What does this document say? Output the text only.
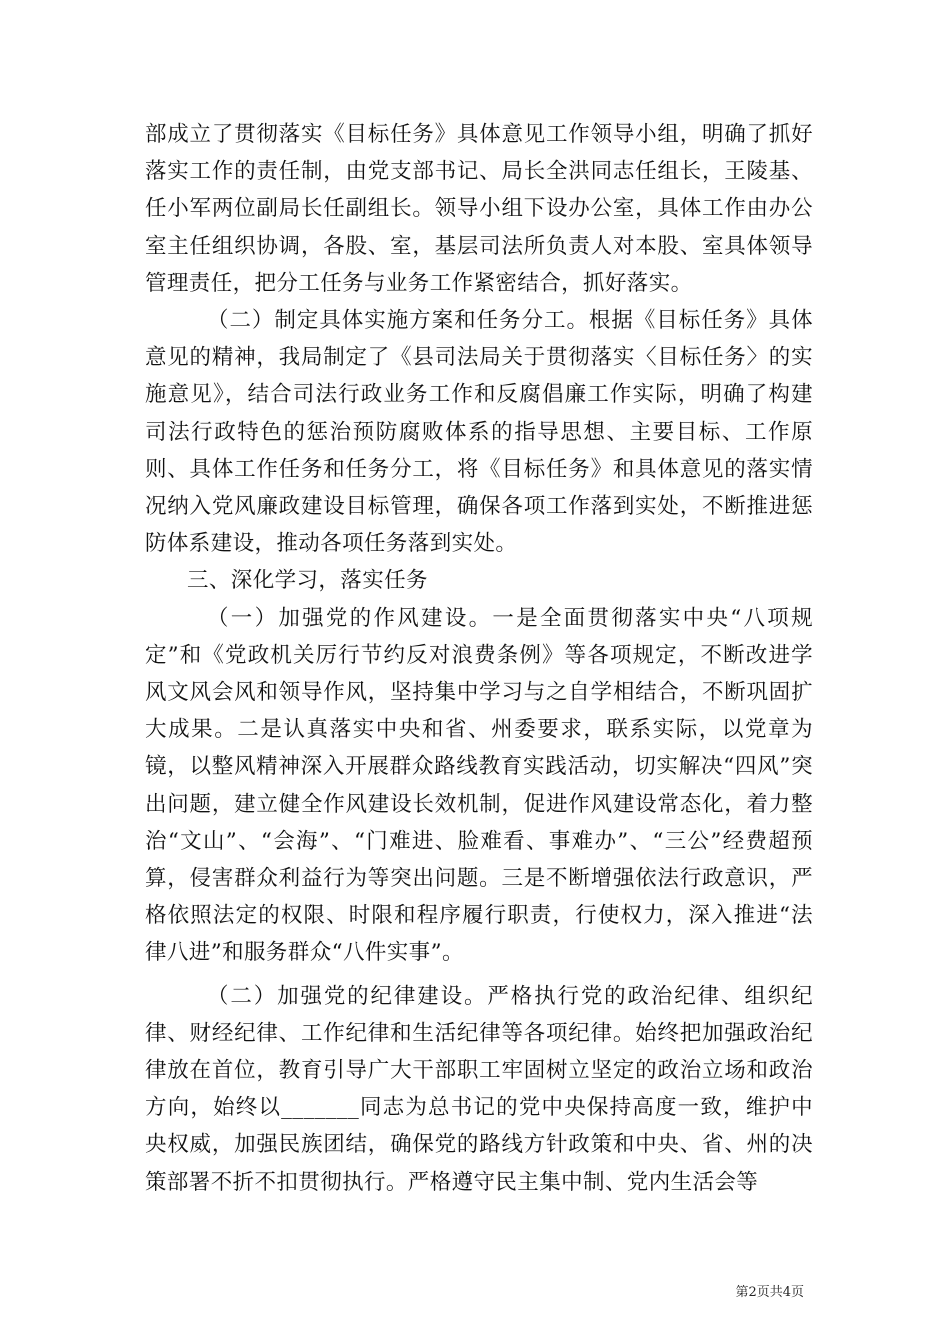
部成立了贯彻落实《目标任务》具体意见工作领导小组，明确了抓好落实工作的责任制，由党支部书记、局长全洪同志任组长，王陵基、任小军两位副局长任副组长。领导小组下设办公室，具体工作由办公室主任组织协调，各股、室，基层司法所负责人对本股、室具体领导管理责任，把分工任务与业务工作紧密结合，抓好落实。

（二）制定具体实施方案和任务分工。根据《目标任务》具体意见的精神，我局制定了《县司法局关于贯彻落实〈目标任务〉的实施意见》，结合司法行政业务工作和反腐倡廉工作实际，明确了构建司法行政特色的惩治预防腐败体系的指导思想、主要目标、工作原则、具体工作任务和任务分工，将《目标任务》和具体意见的落实情况纳入党风廉政建设目标管理，确保各项工作落到实处，不断推进惩防体系建设，推动各项任务落到实处。

三、深化学习，落实任务

（一）加强党的作风建设。一是全面贯彻落实中央“八项规定”和《党政机关厉行节约反对浪费条例》等各项规定，不断改进学风文风会风和领导作风，坚持集中学习与之自学相结合，不断巩固扩大成果。二是认真落实中央和省、州委要求，联系实际，以党章为镜，以整风精神深入开展群众路线教育实践活动，切实解决“四风”突出问题，建立健全作风建设长效机制，促进作风建设常态化，着力整治“文山”、“会海”、“门难进、脸难看、事难办”、“三公”经费超预算，侵害群众利益行为等突出问题。三是不断增强依法行政意识，严格依照法定的权限、时限和程序履行职责，行使权力，深入推进“法律八进”和服务群众“八件实事”。

（二）加强党的纪律建设。严格执行党的政治纪律、组织纪律、财经纪律、工作纪律和生活纪律等各项纪律。始终把加强政治纪律放在首位，教育引导广大干部职工牢固树立坚定的政治立场和政治方向，始终以_______同志为总书记的党中央保持高度一致，维护中央权威，加强民族团结，确保党的路线方针政策和中央、省、州的决策部署不折不扣贯彻执行。严格遵守民主集中制、党内生活会等

第2页共4页
